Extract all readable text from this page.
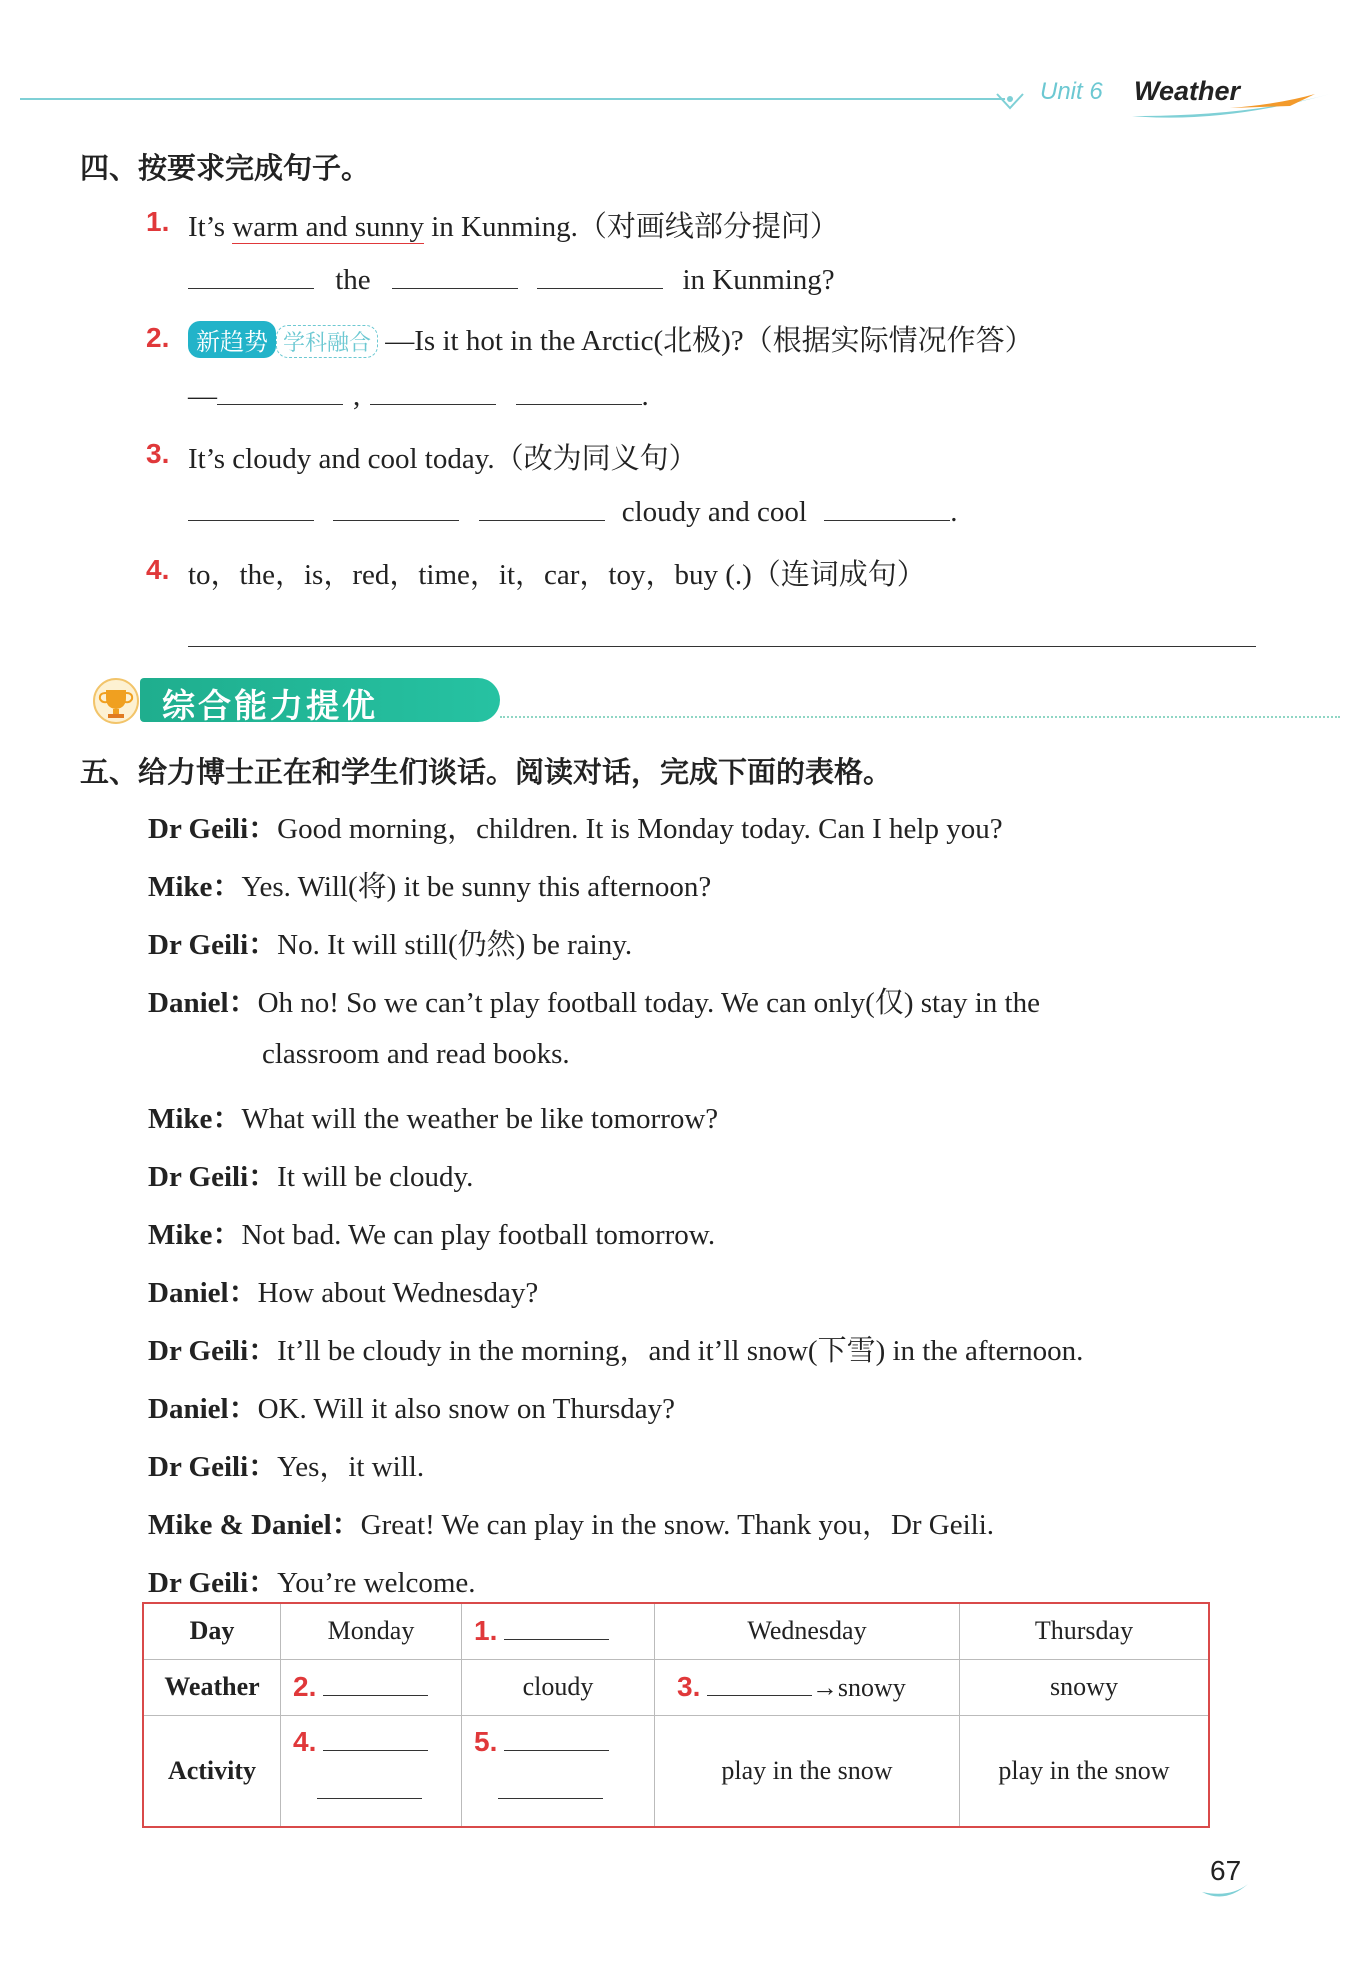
Unit 6 Weather
四、按要求完成句子。
1. It’s warm and sunny in Kunming.（对画线部分提问）
the	in Kunming?
2.	新趋势 学科融合 —Is it hot in the Arctic(北极)?（根据实际情况作答）
—	,	.
3. It’s cloudy and cool today.（改为同义句）
cloudy and cool	.
4. to，the，is，red，time，it，car，toy，buy (.)（连词成句）
综合能力提优
五、给力博士正在和学生们谈话。阅读对话，完成下面的表格。
Dr Geili：Good morning，children. It is Monday today. Can I help you?
Mike：Yes. Will(将) it be sunny this afternoon?
Dr Geili：No. It will still(仍然) be rainy.
Daniel：Oh no! So we can’t play football today. We can only(仅) stay in the
classroom and read books.
Mike：What will the weather be like tomorrow?
Dr Geili：It will be cloudy.
Mike：Not bad. We can play football tomorrow.
Daniel：How about Wednesday?
Dr Geili：It’ll be cloudy in the morning，and it’ll snow(下雪) in the afternoon.
Daniel：OK. Will it also snow on Thursday?
Dr Geili：Yes，it will.
Mike & Daniel：Great! We can play in the snow. Thank you，Dr Geili.
Dr Geili：You’re welcome.
Day	Monday	1.	Wednesday	Thursday
Weather	2.	cloudy	3. →snowy	snowy
Activity	4.	5.	play in the snow	play in the snow
67
